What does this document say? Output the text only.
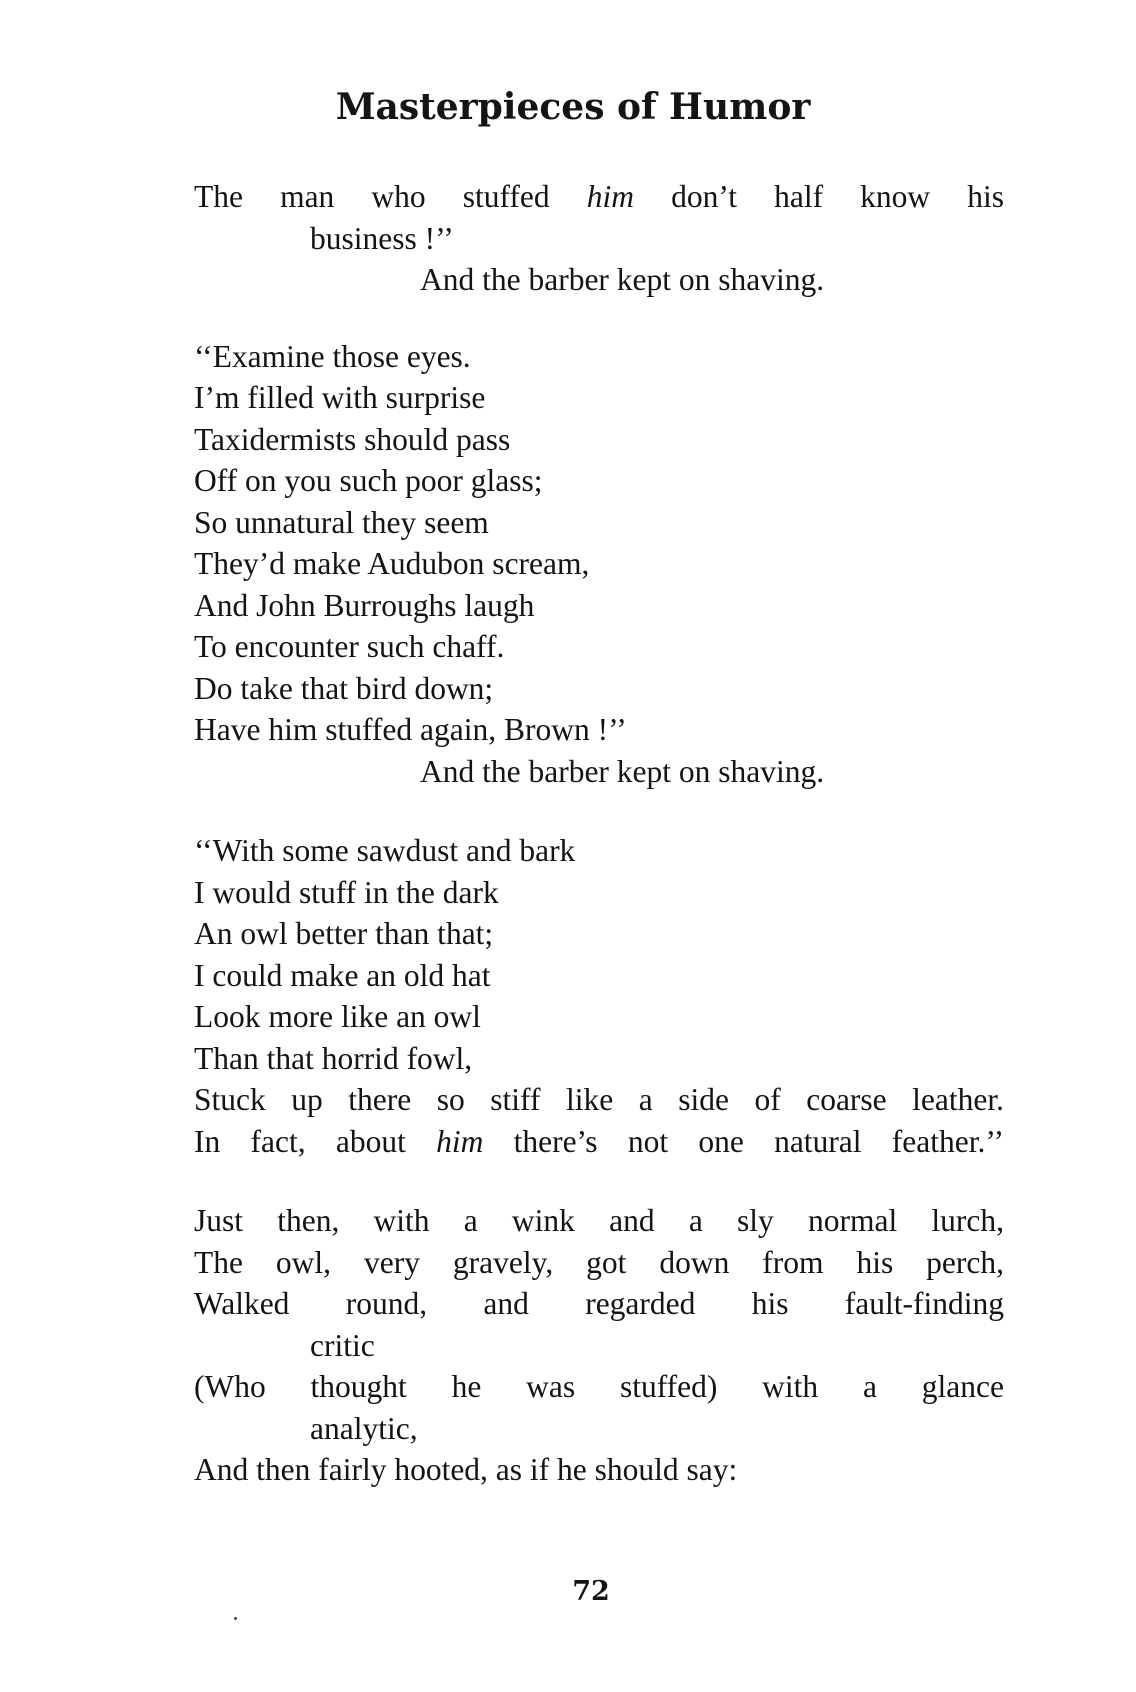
Masterpieces of Humor
The man who stuffed him don’t half know his
business !’’
And the barber kept on shaving.
‘‘Examine those eyes.
I’m filled with surprise
Taxidermists should pass
Off on you such poor glass;
So unnatural they seem
They’d make Audubon scream,
And John Burroughs laugh
To encounter such chaff.
Do take that bird down;
Have him stuffed again, Brown !’’
And the barber kept on shaving.
‘‘With some sawdust and bark
I would stuff in the dark
An owl better than that;
I could make an old hat
Look more like an owl
Than that horrid fowl,
Stuck up there so stiff like a side of coarse leather.
In fact, about him there’s not one natural feather.’’
Just then, with a wink and a sly normal lurch,
The owl, very gravely, got down from his perch,
Walked round, and regarded his fault-finding
critic
(Who thought he was stuffed) with a glance
analytic,
And then fairly hooted, as if he should say:
72
